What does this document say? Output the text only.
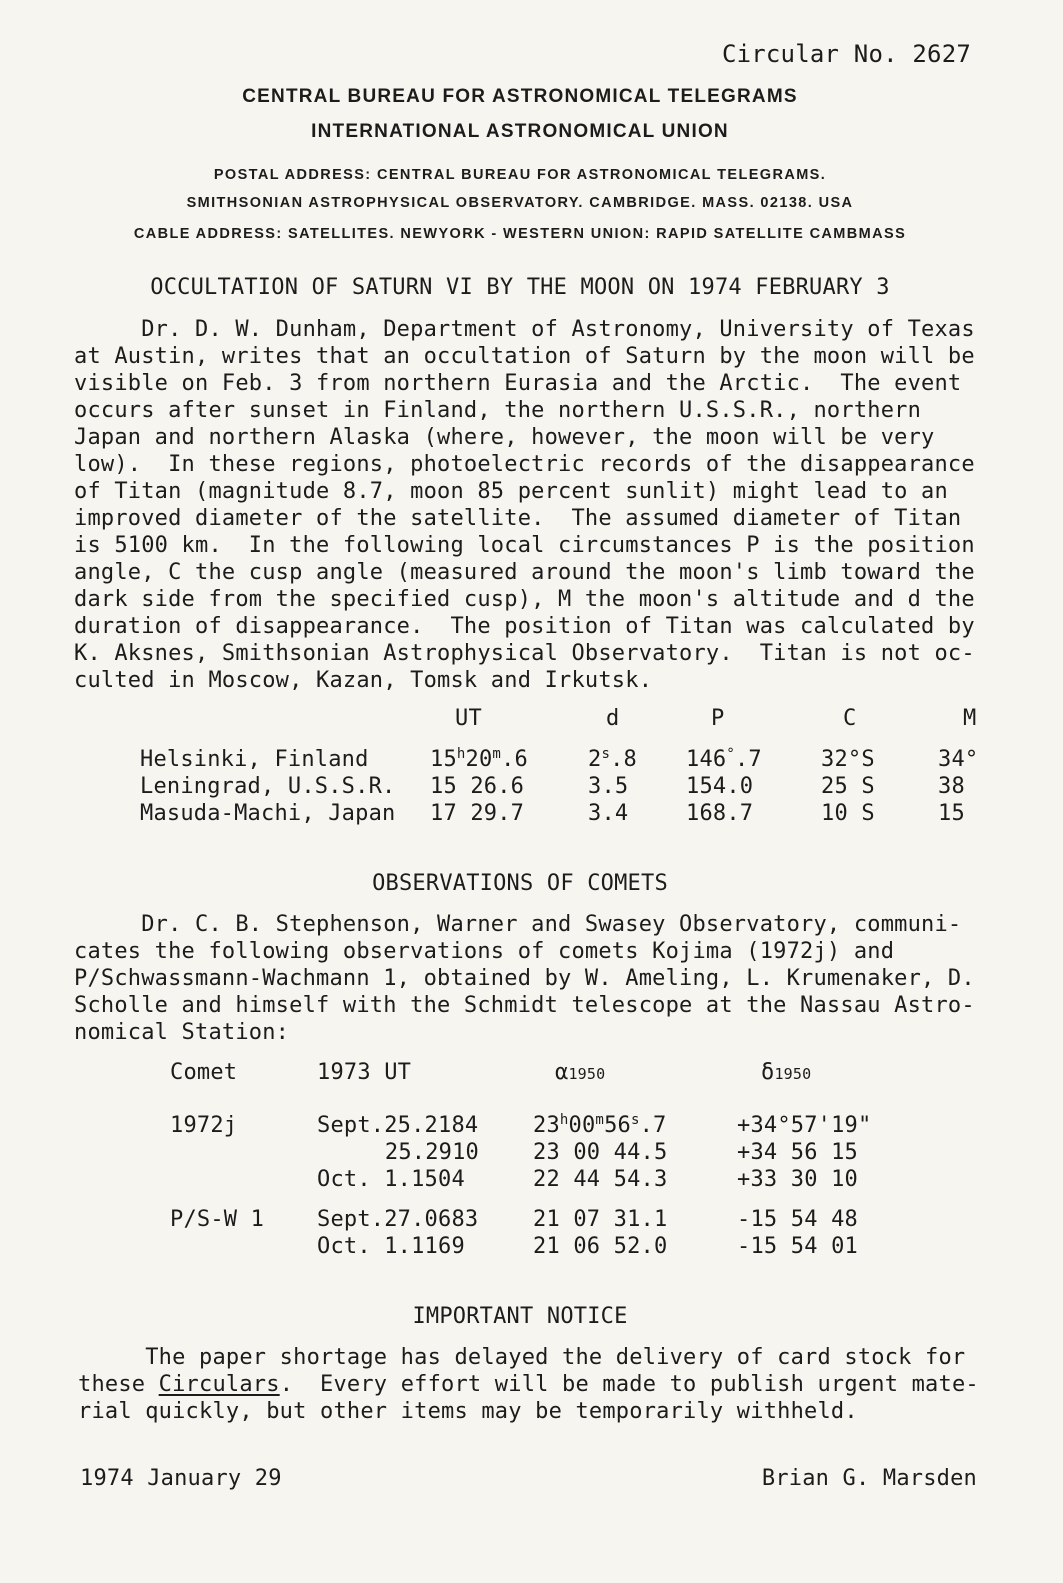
Circular No. 2627
CENTRAL BUREAU FOR ASTRONOMICAL TELEGRAMS
INTERNATIONAL ASTRONOMICAL UNION
POSTAL ADDRESS: CENTRAL BUREAU FOR ASTRONOMICAL TELEGRAMS.
SMITHSONIAN ASTROPHYSICAL OBSERVATORY. CAMBRIDGE. MASS. 02138. USA
CABLE ADDRESS: SATELLITES. NEWYORK - WESTERN UNION: RAPID SATELLITE CAMBMASS
OCCULTATION OF SATURN VI BY THE MOON ON 1974 FEBRUARY 3
Dr. D. W. Dunham, Department of Astronomy, University of Texas
at Austin, writes that an occultation of Saturn by the moon will be
visible on Feb. 3 from northern Eurasia and the Arctic.  The event
occurs after sunset in Finland, the northern U.S.S.R., northern
Japan and northern Alaska (where, however, the moon will be very
low).  In these regions, photoelectric records of the disappearance
of Titan (magnitude 8.7, moon 85 percent sunlit) might lead to an
improved diameter of the satellite.  The assumed diameter of Titan
is 5100 km.  In the following local circumstances P is the position
angle, C the cusp angle (measured around the moon's limb toward the
dark side from the specified cusp), M the moon's altitude and d the
duration of disappearance.  The position of Titan was calculated by
K. Aksnes, Smithsonian Astrophysical Observatory.  Titan is not oc-
culted in Moscow, Kazan, Tomsk and Irkutsk.
	UT	d	P	C	M

Helsinki, Finland	15$^h$20$^m$.6	2$^s$.8	146°.7	32°S	34°
Leningrad, U.S.S.R.	15 26.6	3.5	154.0	25 S	38
Masuda-Machi, Japan	17 29.7	3.4	168.7	10 S	15
OBSERVATIONS OF COMETS
Dr. C. B. Stephenson, Warner and Swasey Observatory, communi-
cates the following observations of comets Kojima (1972j) and
P/Schwassmann-Wachmann 1, obtained by W. Ameling, L. Krumenaker, D.
Scholle and himself with the Schmidt telescope at the Nassau Astro-
nomical Station:
Comet	1973 UT	α1950	δ1950

1972j	Sept.25.2184	$23^h00^m56^s.7$	+34°57'19"
	25.2910	23 00 44.5	+34 56 15
	Oct. 1.1504	22 44 54.3	+33 30 10

P/S-W 1	Sept.27.0683	21 07 31.1	-15 54 48
	Oct. 1.1169	21 06 52.0	-15 54 01
IMPORTANT NOTICE
The paper shortage has delayed the delivery of card stock for
these Circulars.  Every effort will be made to publish urgent mate-
rial quickly, but other items may be temporarily withheld.
1974 January 29	Brian G. Marsden
